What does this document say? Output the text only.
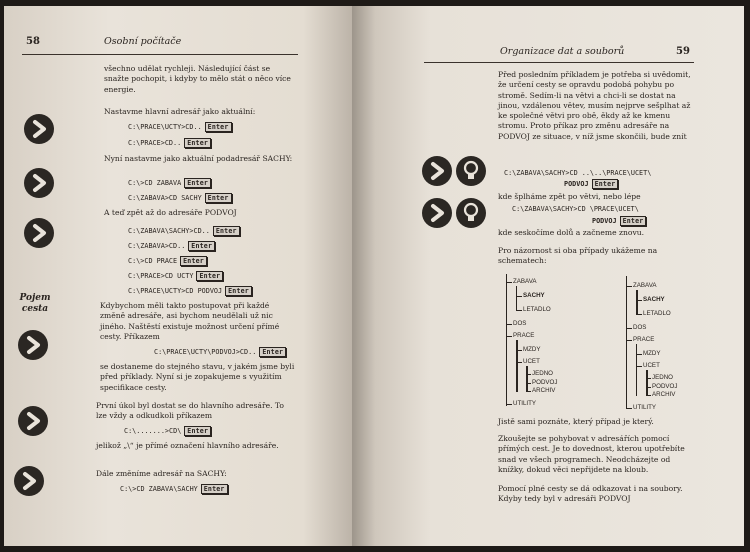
58	Osobní počítače
Pojem
cesta

všechno udělat rychleji. Následující část se snažte pochopit, i kdyby to mělo stát o něco více energie.

Nastavme hlavní adresář jako aktuální:

C:\PRACE\UCTY>CD.. Enter
C:\PRACE>CD.. Enter

Nyní nastavme jako aktuální podadresář SACHY:

C:\>CD ZABAVA Enter
C:\ZABAVA>CD SACHY Enter

A teď zpět až do adresáře PODVOJ

C:\ZABAVA\SACHY>CD.. Enter
C:\ZABAVA>CD.. Enter
C:\>CD PRACE Enter
C:\PRACE>CD UCTY Enter
C:\PRACE\UCTY>CD PODVOJ Enter

Kdybychom měli takto postupovat při každé změně adresáře, asi bychom neudělali už nic jiného. Naštěstí existuje možnost určení přímé cesty. Příkazem

C:\PRACE\UCTY\PODVOJ>CD.. Enter

se dostaneme do stejného stavu, v jakém jsme byli před příklady. Nyní si je zopakujeme s využitím specifikace cesty.

První úkol byl dostat se do hlavního adresáře. To lze vždy a odkudkoli příkazem

C:\.......>CD\ Enter

jelikož „\“ je přímé označení hlavního adresáře.

Dále změníme adresář na SACHY:

C:\>CD ZABAVA\SACHY Enter
Organizace dat a souborů	59

Před posledním příkladem je potřeba si uvědomit, že určení cesty se opravdu podobá pohybu po stromě. Sedím-li na větvi a chci-li se dostat na jinou, vzdálenou větev, musím nejprve sešplhat až ke společné větvi pro obě, ěkdy až ke kmenu stromu. Proto příkaz pro změnu adresáře na PODVOJ ze situace, v níž jsme skončili, bude znít

C:\ZABAVA\SACHY>CD ..\..\PRACE\UCET\
PODVOJ Enter

kde šplháme zpět po větvi, nebo lépe

C:\ZABAVA\SACHY>CD \PRACE\UCET\
PODVOJ Enter

kde seskočíme dolů a začneme znovu.

Pro názornost si oba případy ukážeme na schematech:

ZABAVA
SACHY
LETADLO
DOS
PRACE
MZDY
UCET
JEDNO
PODVOJ
ARCHIV
UTILITY
ZABAVA
SACHY
LETADLO
DOS
PRACE
MZDY
UCET
JEDNO
PODVOJ
ARCHIV
UTILITY

Jistě sami poznáte, který případ je který.

Zkoušejte se pohybovat v adresářích pomocí přímých cest. Je to dovednost, kterou upotřebíte snad ve všech programech. Neodcházejte od knížky, dokud věci nepřijdete na kloub.

Pomocí plné cesty se dá odkazovat i na soubory. Kdyby tedy byl v adresáři PODVOJ
